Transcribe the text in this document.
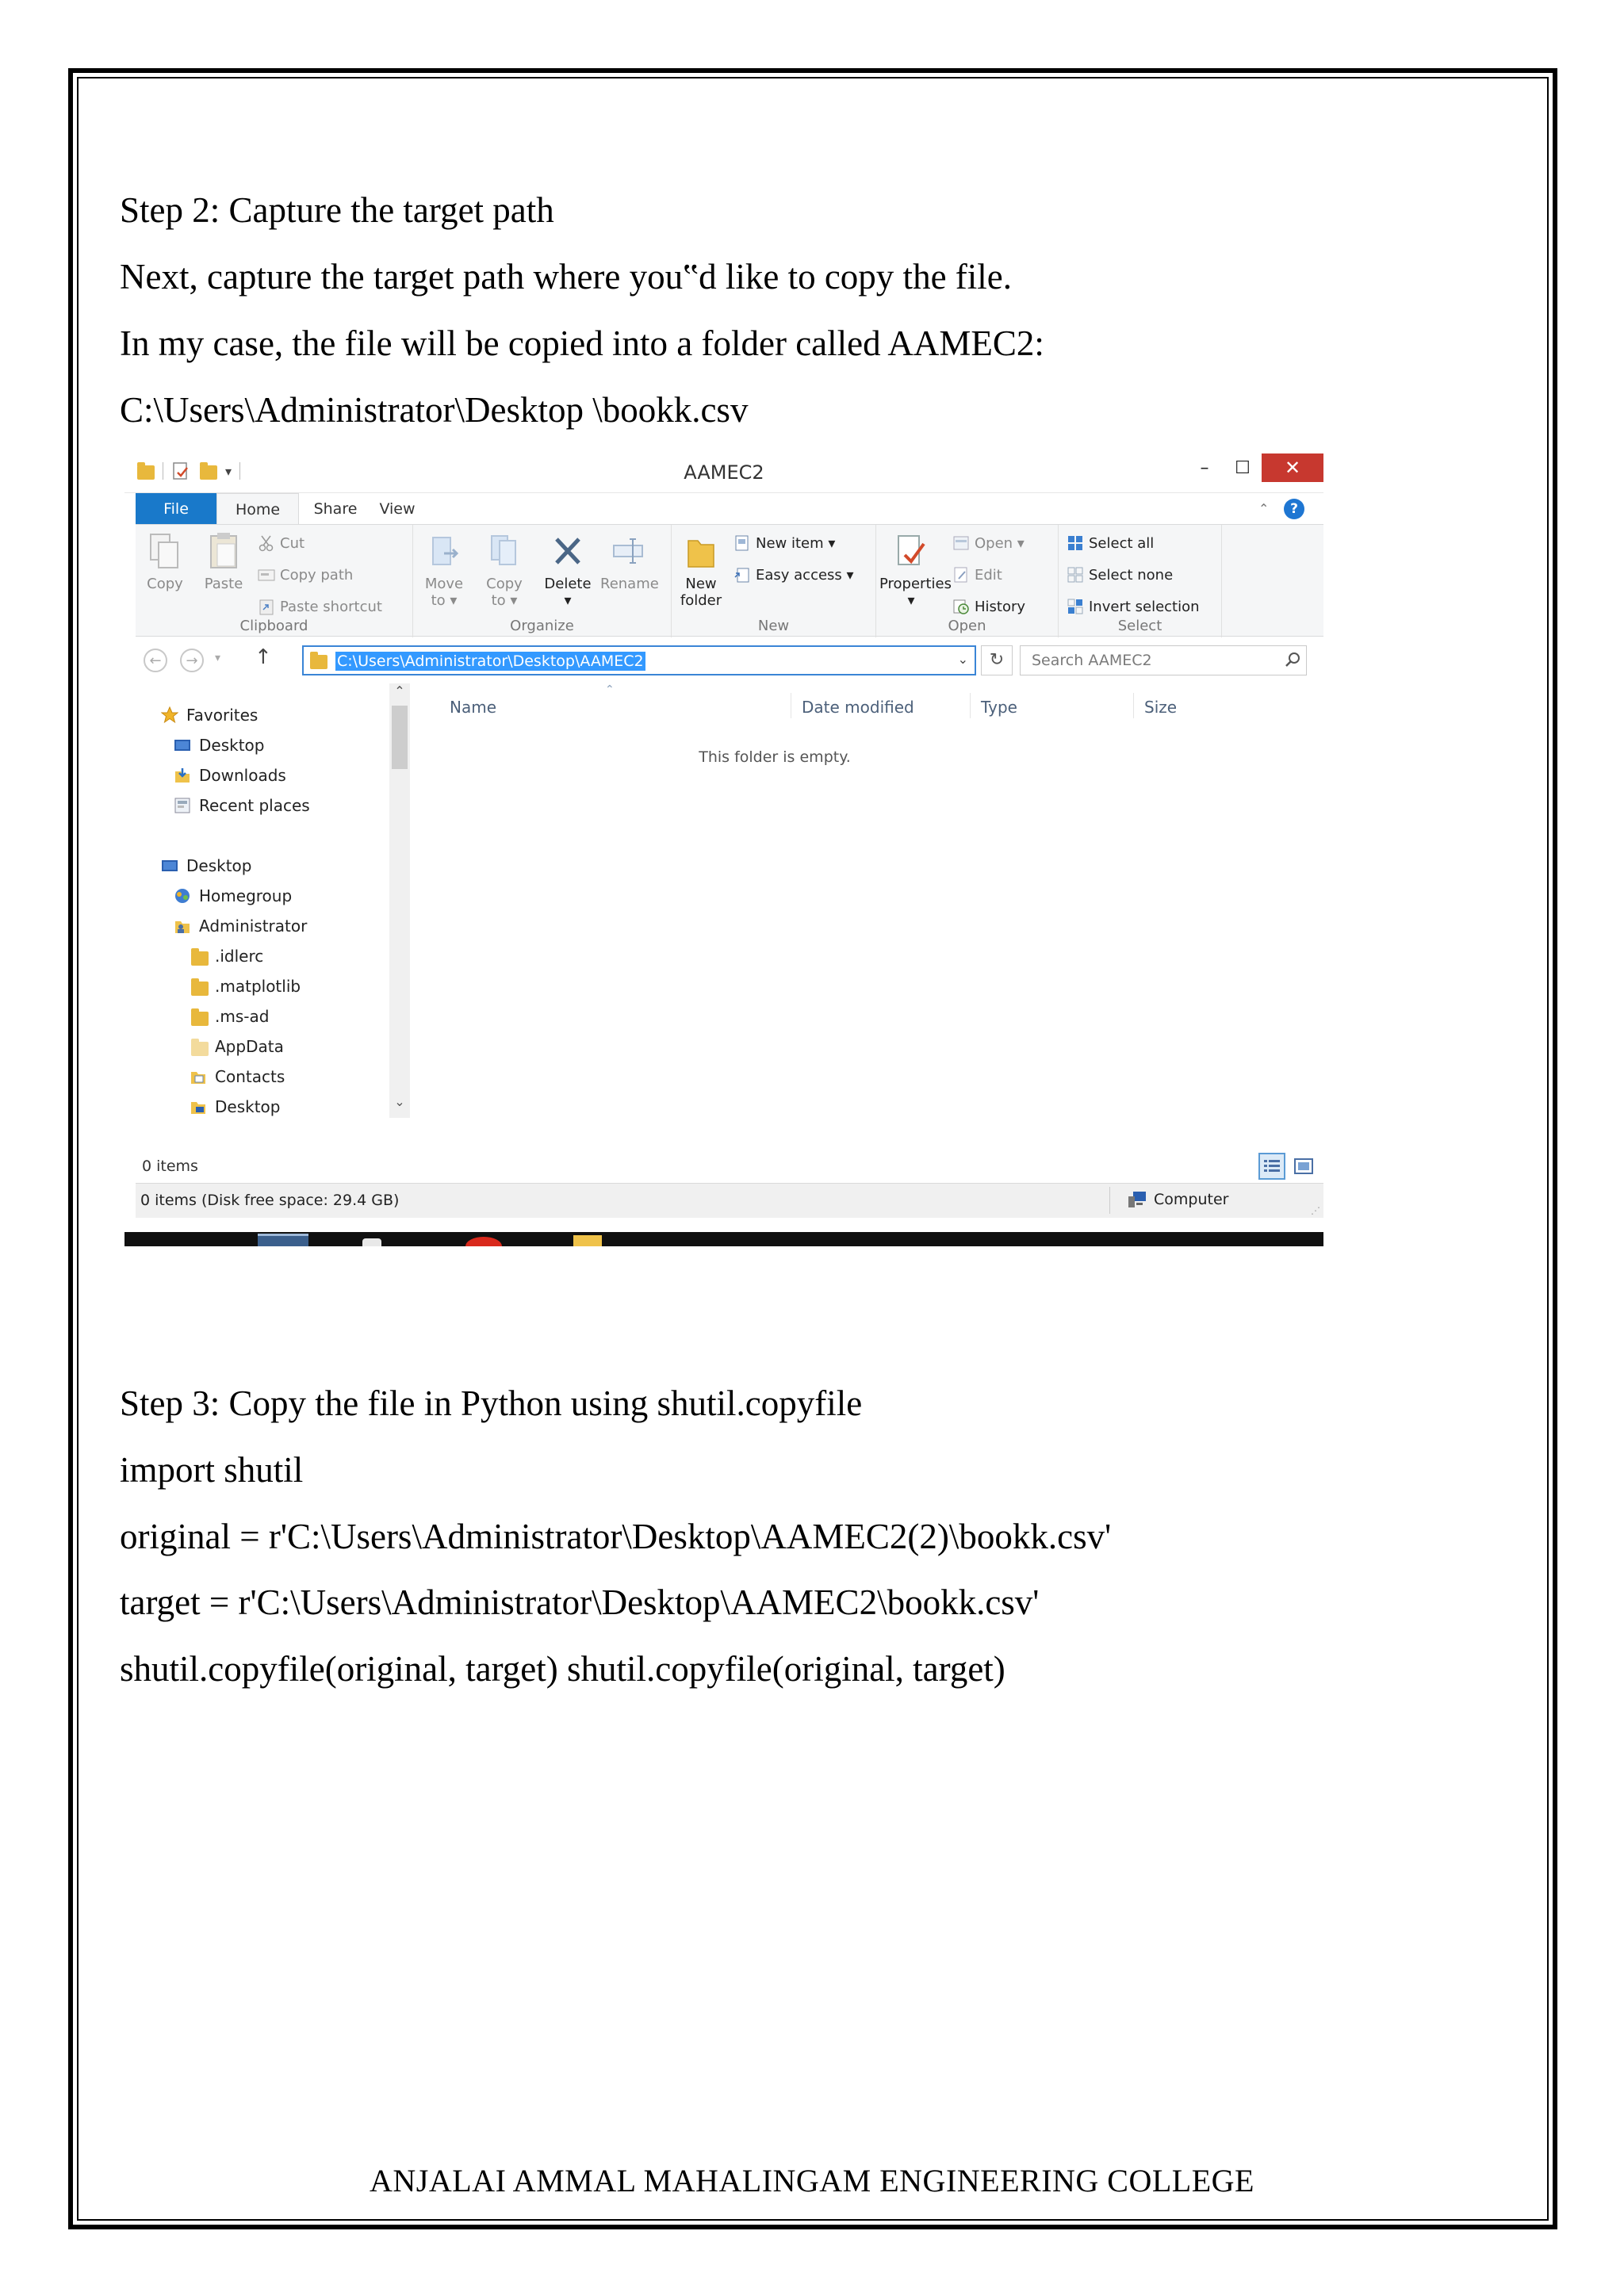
Step 2: Capture the target path
Next, capture the target path where you‟d like to copy the file.
In my case, the file will be copied into a folder called AAMEC2:
C:\Users\Administrator\Desktop \bookk.csv
▾	AAMEC2	–	☐	✕
File	Home	Share	View	⌃	?
Copy	Paste
Cut
Copy path
Paste shortcut
Clipboard
Move
to ▾
Copy
to ▾
Delete
▾
Rename
Organize
New
folder
New item ▾
Easy access ▾
New
Properties
▾
Open ▾
Edit
History
Open
Select all
Select none
Invert selection
Select
←	→	▾ ↑	C:\Users\Administrator\Desktop\AAMEC2	⌄	↻	Search AAMEC2
Favorites
Desktop
Downloads
Recent places
Desktop
Homegroup
Administrator
.idlerc
.matplotlib
.ms-ad
AppData
Contacts
Desktop
⌃
⌄
⌃
Name	Date modified	Type	Size
This folder is empty.
0 items
0 items (Disk free space: 29.4 GB)	Computer
⋰
Step 3: Copy the file in Python using shutil.copyfile
import shutil
original = r'C:\Users\Administrator\Desktop\AAMEC2(2)\bookk.csv'
target = r'C:\Users\Administrator\Desktop\AAMEC2\bookk.csv'
shutil.copyfile(original, target) shutil.copyfile(original, target)
ANJALAI AMMAL MAHALINGAM ENGINEERING COLLEGE
